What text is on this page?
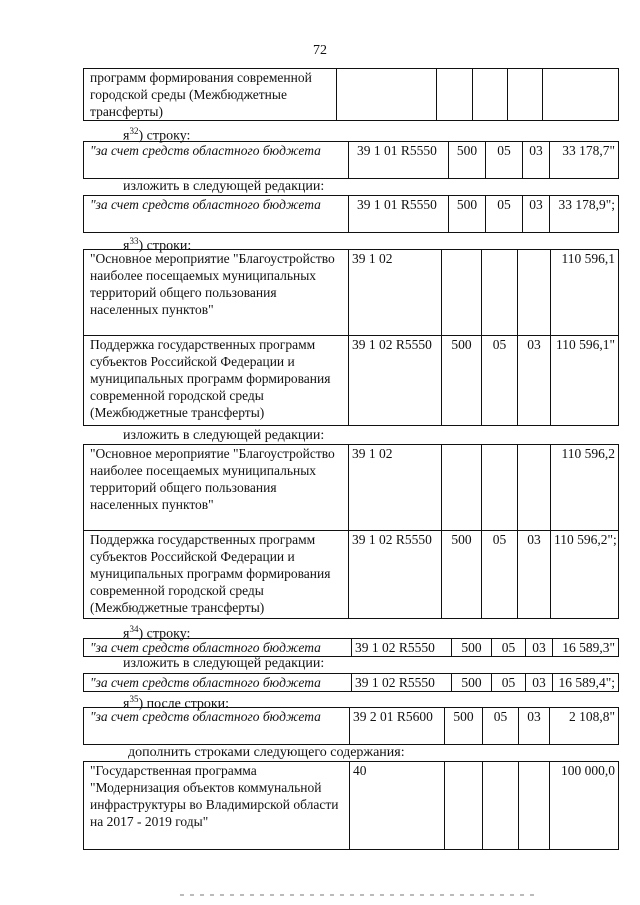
72
программ формирования современной городской среды (Межбюджетные трансферты)					
$я^{32}$) строку:
"за счет средств областного бюджета	39 1 01 R5550	500	05	03	33 178,7"
изложить в следующей редакции:
"за счет средств областного бюджета	39 1 01 R5550	500	05	03	33 178,9";
$я^{33}$) строки:
"Основное мероприятие "Благоустройство наиболее посещаемых муниципальных территорий общего пользования населенных пунктов"	39 1 02				110 596,1
Поддержка государственных программ субъектов Российской Федерации и муниципальных программ формирования современной городской среды (Межбюджетные трансферты)	39 1 02 R5550	500	05	03	110 596,1"
изложить в следующей редакции:
"Основное мероприятие "Благоустройство наиболее посещаемых муниципальных территорий общего пользования населенных пунктов"	39 1 02				110 596,2
Поддержка государственных программ субъектов Российской Федерации и муниципальных программ формирования современной городской среды (Межбюджетные трансферты)	39 1 02 R5550	500	05	03	110 596,2";
$я^{34}$) строку:
"за счет средств областного бюджета	39 1 02 R5550	500	05	03	16 589,3"
изложить в следующей редакции:
"за счет средств областного бюджета	39 1 02 R5550	500	05	03	16 589,4";
$я^{35}$) после строки:
"за счет средств областного бюджета	39 2 01 R5600	500	05	03	2 108,8"
дополнить строками следующего содержания:
"Государственная программа "Модернизация объектов коммунальной инфраструктуры во Владимирской области на 2017 - 2019 годы"	40				100 000,0
